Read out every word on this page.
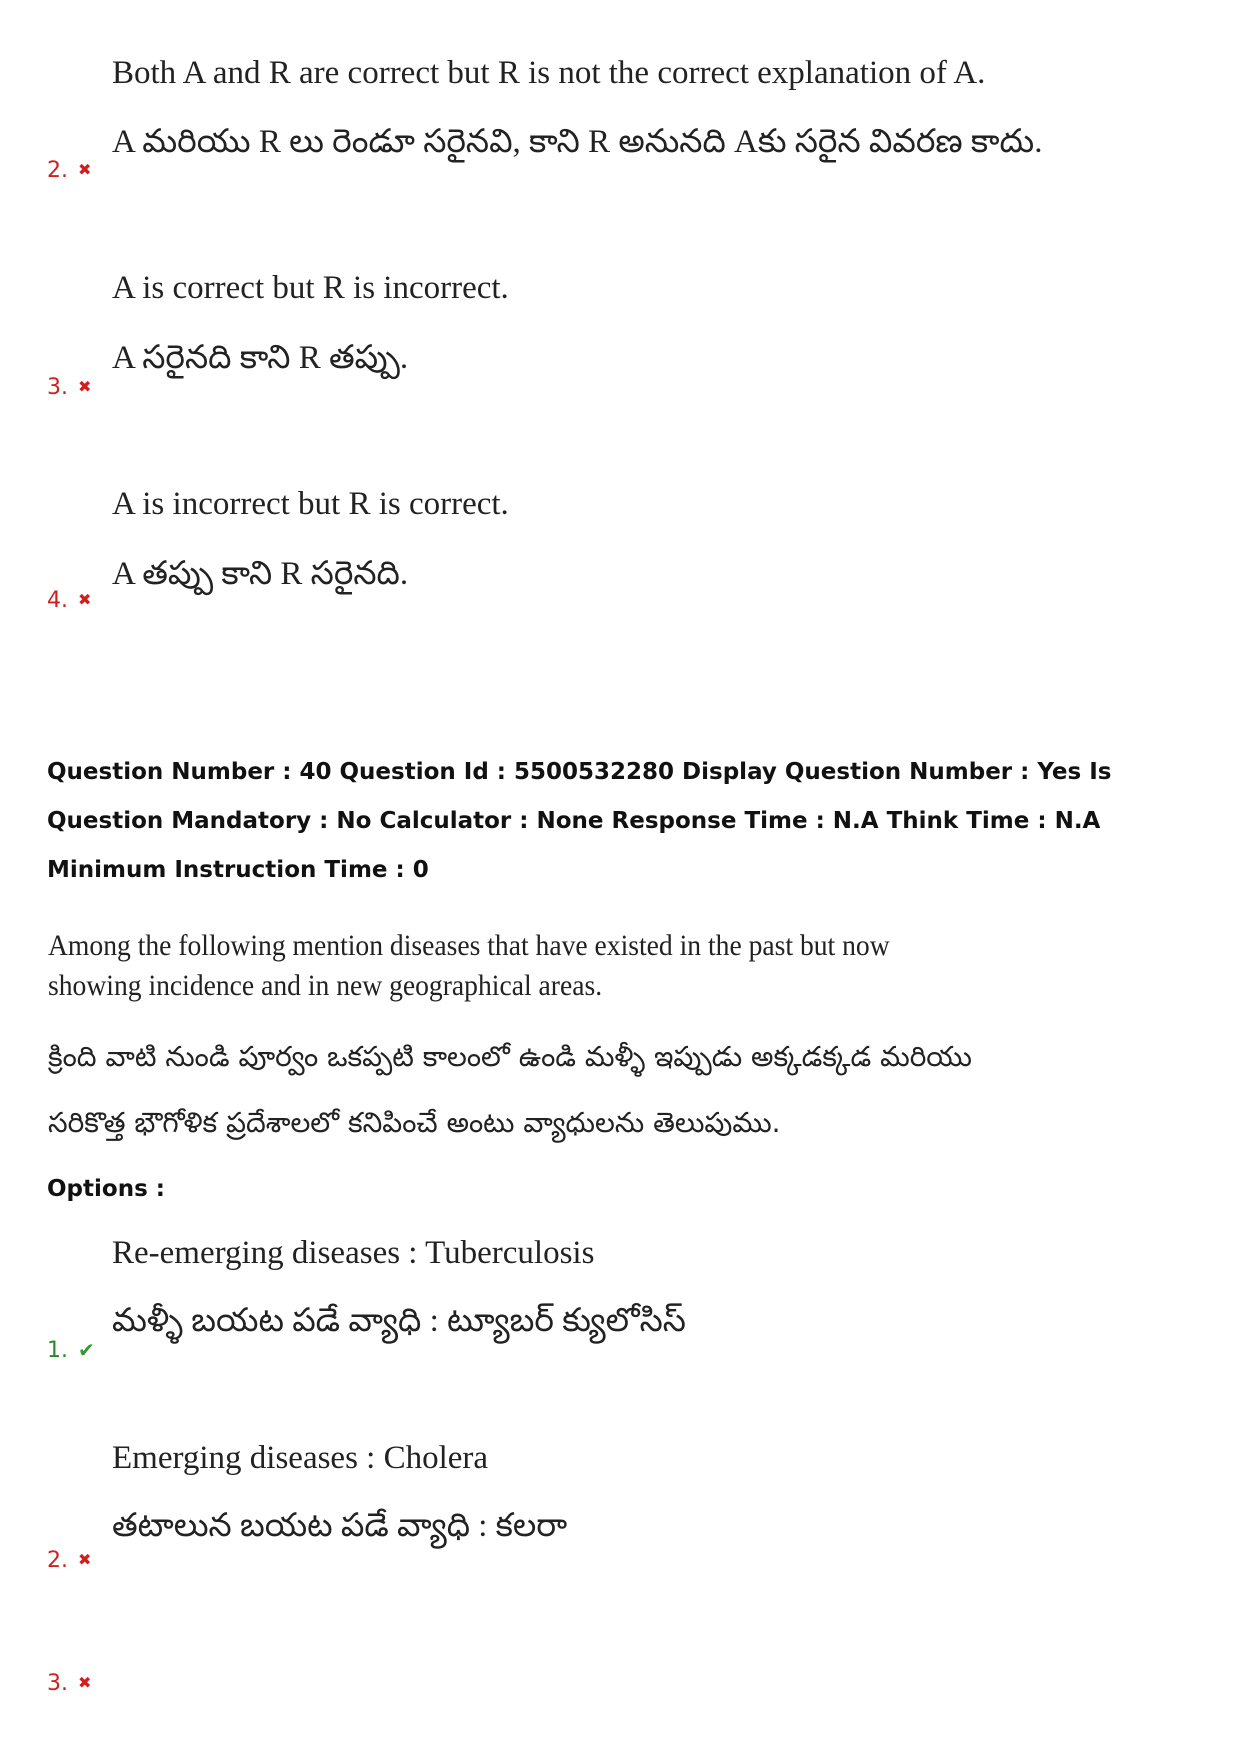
Both A and R are correct but R is not the correct explanation of A.
A మరియు R లు రెండూ సరైనవి, కాని R అనునది Aకు సరైన వివరణ కాదు.
2. ✖
A is correct but R is incorrect.
A సరైనది కాని R తప్పు.
3. ✖
A is incorrect but R is correct.
A తప్పు కాని R సరైనది.
4. ✖
Question Number : 40 Question Id : 5500532280 Display Question Number : Yes Is Question Mandatory : No Calculator : None Response Time : N.A Think Time : N.A Minimum Instruction Time : 0
Among the following mention diseases that have existed in the past but now showing incidence and in new geographical areas.
క్రింది వాటి నుండి పూర్వం ఒకప్పటి కాలంలో ఉండి మళ్ళీ ఇప్పుడు అక్కడక్కడ మరియు
సరికొత్త భౌగోళిక ప్రదేశాలలో కనిపించే అంటు వ్యాధులను తెలుపుము.
Options :
Re-emerging diseases : Tuberculosis
మళ్ళీ బయట పడే వ్యాధి : ట్యూబర్ క్యులోసిస్
1. ✔
Emerging diseases : Cholera
తటాలున బయట పడే వ్యాధి : కలరా
2. ✖
3. ✖
